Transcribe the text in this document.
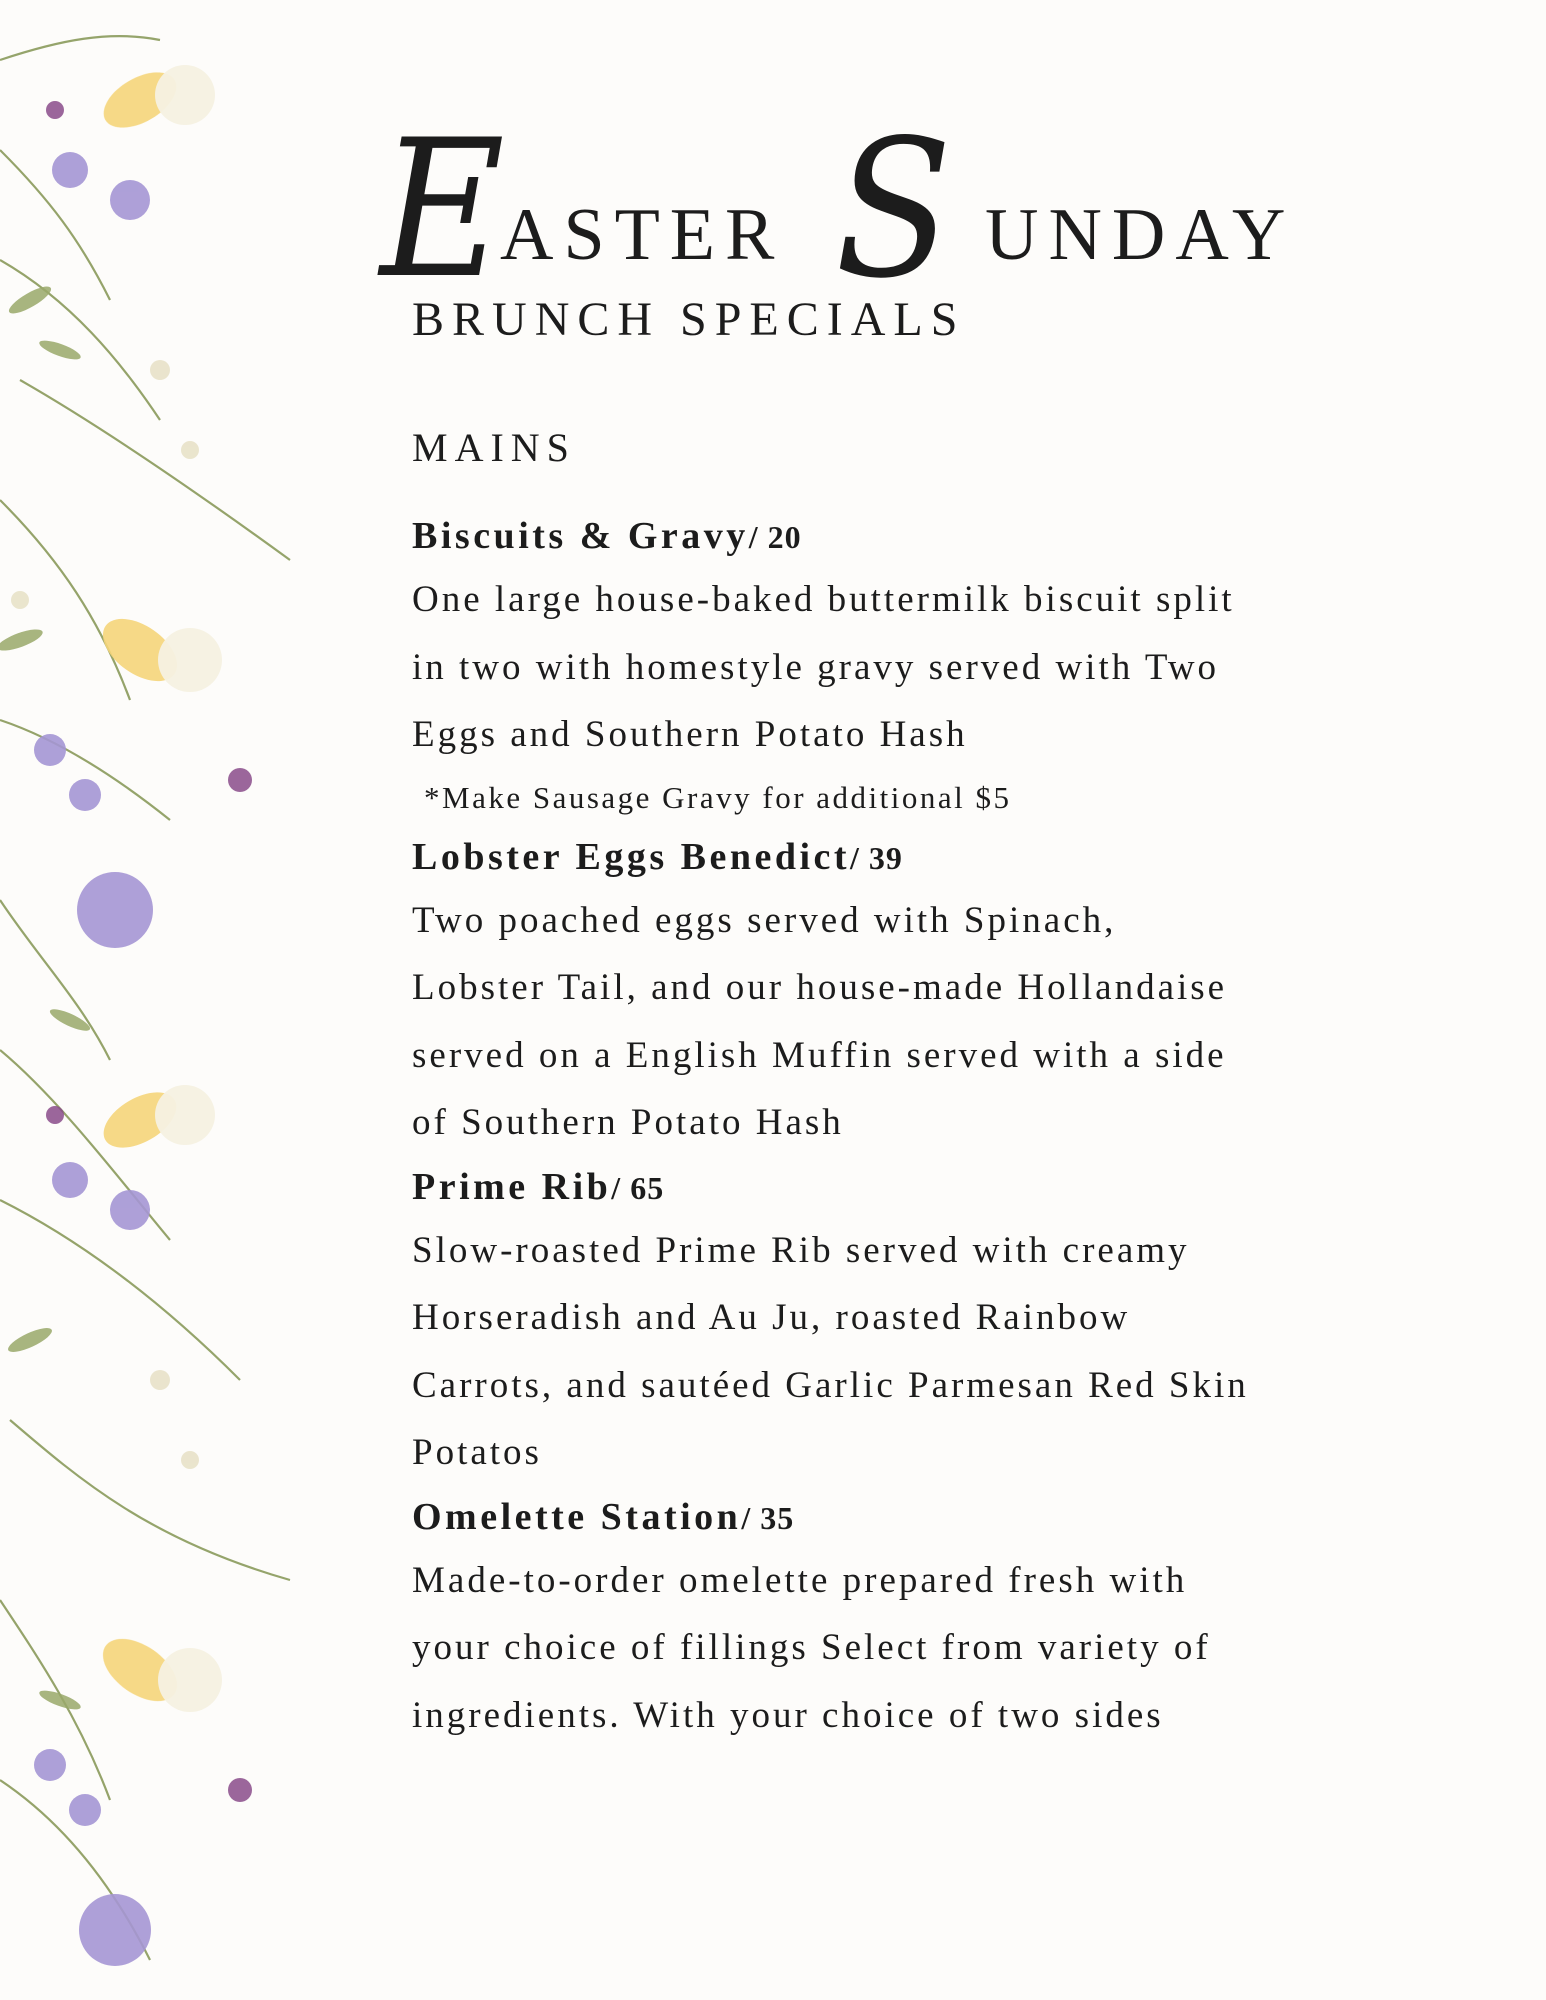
E
ASTER S UNDAY
BRUNCH SPECIALS
MAINS
Biscuits & Gravy/ 20
One large house-baked buttermilk biscuit split
in two with homestyle gravy served with Two
Eggs and Southern Potato Hash
*Make Sausage Gravy for additional $5
Lobster Eggs Benedict/ 39
Two poached eggs served with Spinach,
Lobster Tail, and our house-made Hollandaise
served on a English Muffin served with a side
of Southern Potato Hash
Prime Rib/ 65
Slow-roasted Prime Rib served with creamy
Horseradish and Au Ju, roasted Rainbow
Carrots, and sautéed Garlic Parmesan Red Skin
Potatos
Omelette Station/ 35
Made-to-order omelette prepared fresh with
your choice of fillings Select from variety of
ingredients. With your choice of two sides
